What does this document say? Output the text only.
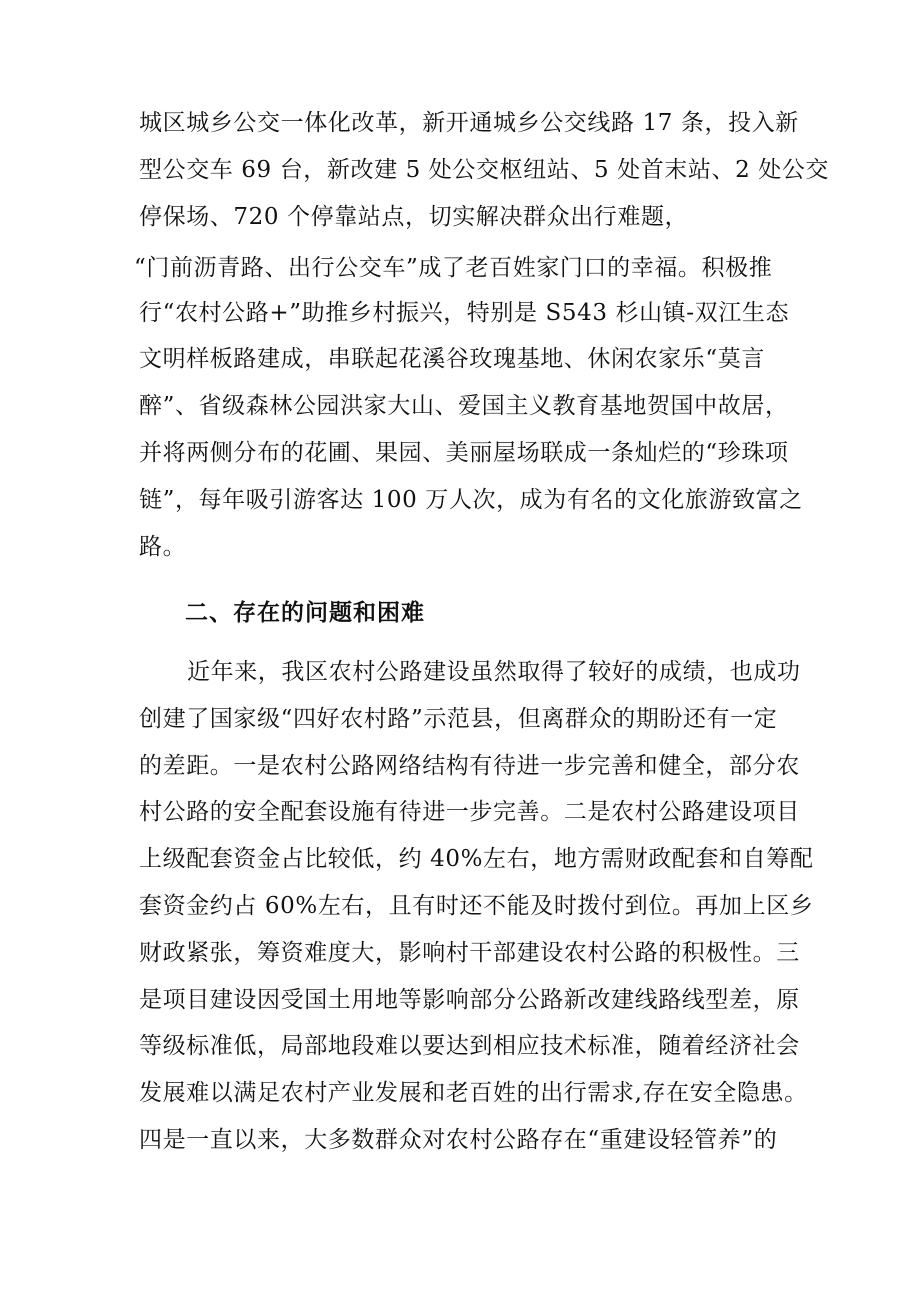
城区城乡公交一体化改革，新开通城乡公交线路 17 条，投入新
型公交车 69 台，新改建 5 处公交枢纽站、5 处首末站、2 处公交
停保场、720 个停靠站点，切实解决群众出行难题，
“门前沥青路、出行公交车”成了老百姓家门口的幸福。积极推
行“农村公路+”助推乡村振兴，特别是 S543 杉山镇-双江生态
文明样板路建成，串联起花溪谷玫瑰基地、休闲农家乐“莫言
醉”、省级森林公园洪家大山、爱国主义教育基地贺国中故居，
并将两侧分布的花圃、果园、美丽屋场联成一条灿烂的“珍珠项
链”，每年吸引游客达 100 万人次，成为有名的文化旅游致富之
路。
二、存在的问题和困难
近年来，我区农村公路建设虽然取得了较好的成绩，也成功
创建了国家级“四好农村路”示范县，但离群众的期盼还有一定
的差距。一是农村公路网络结构有待进一步完善和健全，部分农
村公路的安全配套设施有待进一步完善。二是农村公路建设项目
上级配套资金占比较低，约 40%左右，地方需财政配套和自筹配
套资金约占 60%左右，且有时还不能及时拨付到位。再加上区乡
财政紧张，筹资难度大，影响村干部建设农村公路的积极性。三
是项目建设因受国土用地等影响部分公路新改建线路线型差，原
等级标准低，局部地段难以要达到相应技术标准，随着经济社会
发展难以满足农村产业发展和老百姓的出行需求,存在安全隐患。
四是一直以来，大多数群众对农村公路存在“重建设轻管养”的
